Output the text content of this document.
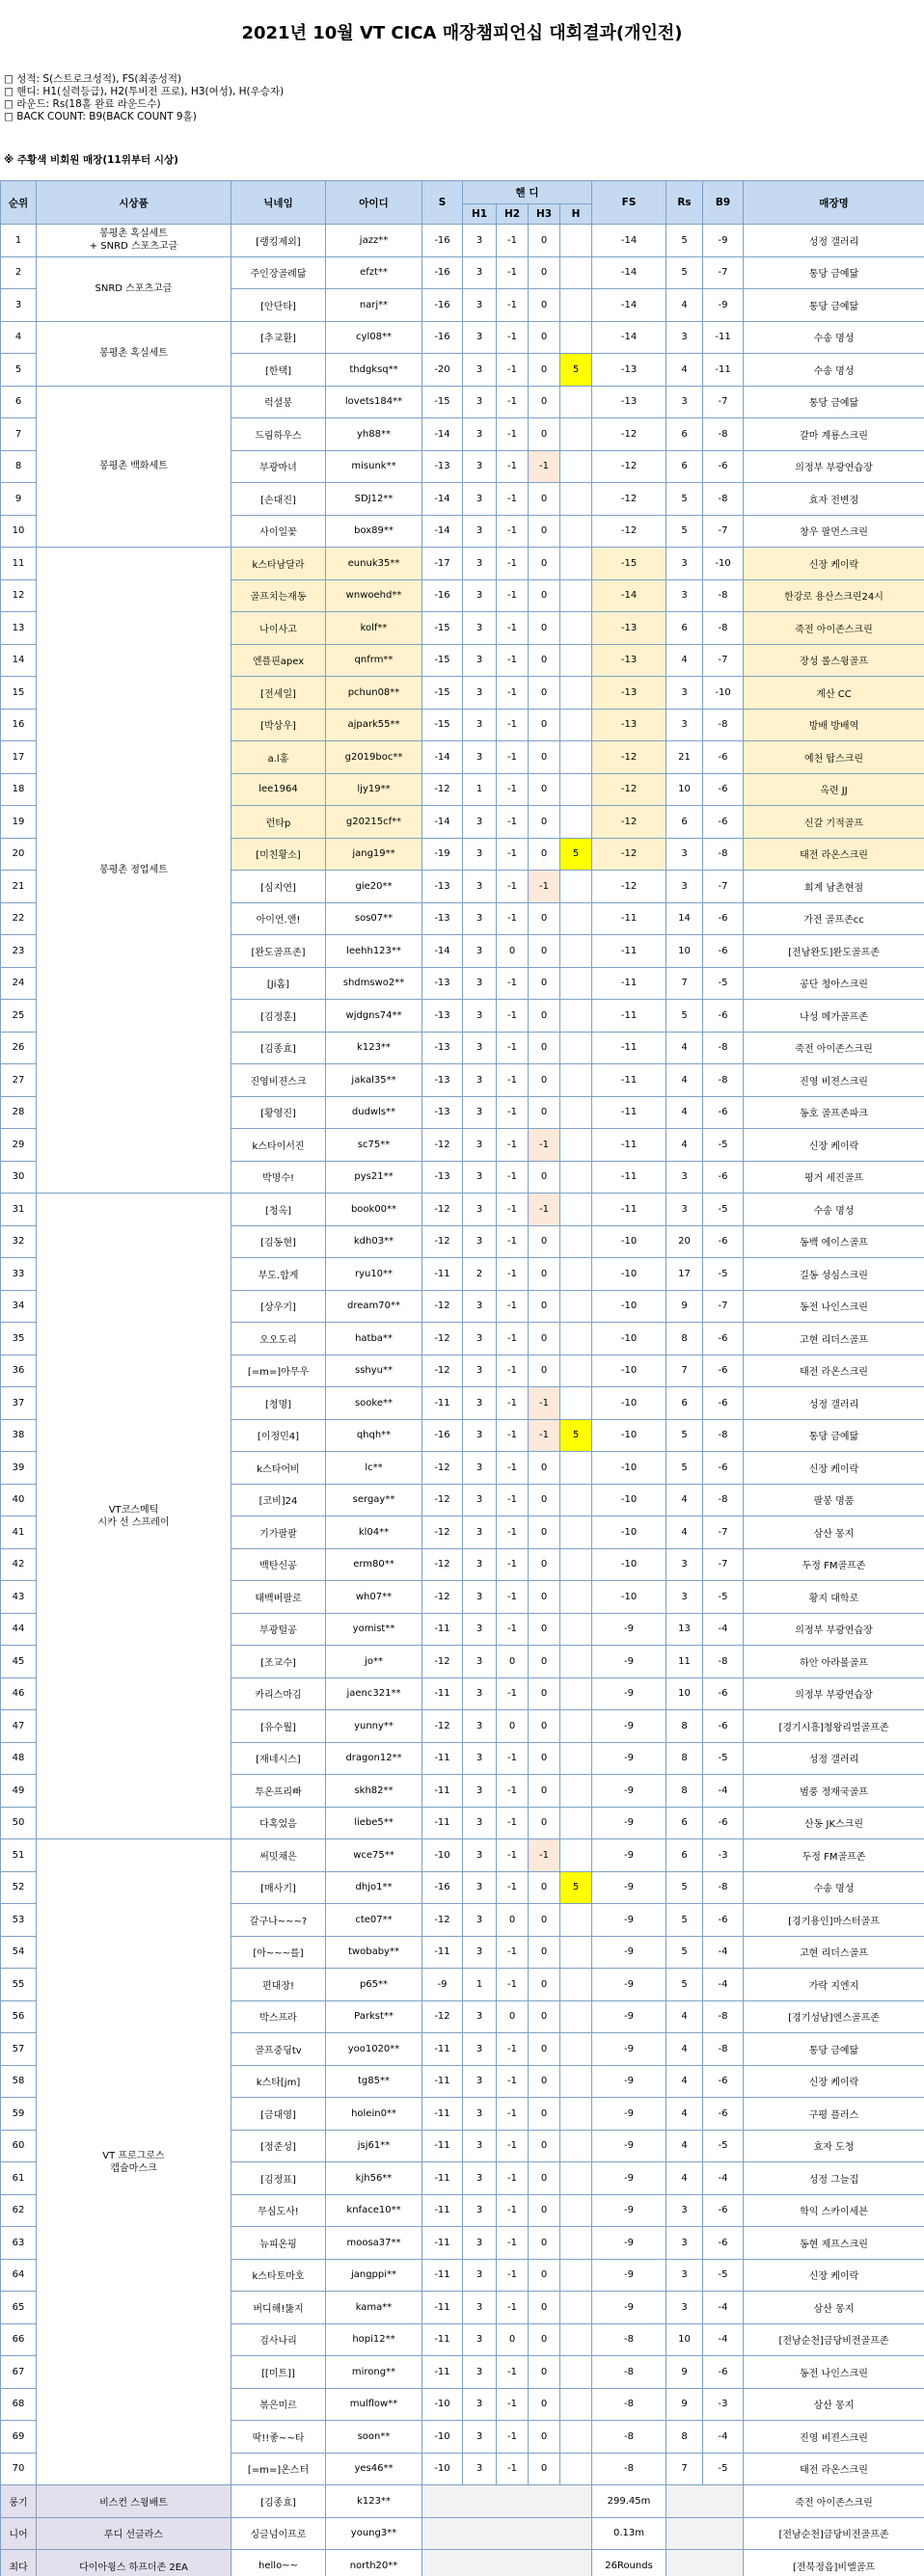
2021년 10월 VT CICA 매장챔피언십 대회결과(개인전)
□ 성적: S(스트로크성적), FS(최종성적)
□ 핸디: H1(실력등급), H2(투비전 프로), H3(여성), H(우승자)
□ 라운드: Rs(18홀 완료 라운드수)
□ BACK COUNT: B9(BACK COUNT 9홀)
※ 주황색 비회원 매장(11위부터 시상)
순위	시상품	닉네임	아이디	S	핸 디				FS	Rs	B9	매장명
					H1	H2	H3	H				
1	봉평촌 혹실세트
+ SNRD 스포츠고글	[랭킹제외]	jazz**	-16	3	-1	0		-14	5	-9	성정 갤러리
2	SNRD 스포츠고글	주인장골례닯	efzt**	-16	3	-1	0		-14	5	-7	통당 금예닯
3		[안단타]	narj**	-16	3	-1	0		-14	4	-9	통당 금예닯
4	봉평촌 혹실세트	[추교환]	cyl08**	-16	3	-1	0		-14	3	-11	수송 명성
5		[한택]	thdgksq**	-20	3	-1	0	5	-13	4	-11	수송 명성
6	봉평촌 백화세트	럭셜봉	lovets184**	-15	3	-1	0		-13	3	-7	통당 금예닯
7		드림하우스	yh88**	-14	3	-1	0		-12	6	-8	갈마 계룡스크린
8		부광마녀	misunk**	-13	3	-1	-1		-12	6	-6	의정부 부광연습장
9		[손대진]	SDJ12**	-14	3	-1	0		-12	5	-8	효자 전변점
10		사이일꽃	box89**	-14	3	-1	0		-12	5	-7	창우 팔먼스크린
11	봉평촌 정업세트	k스타남달라	eunuk35**	-17	3	-1	0		-15	3	-10	신장 케이락
12		골프치는재동	wnwoehd**	-16	3	-1	0		-14	3	-8	한강로 용산스크린24시
13		나이사고	kolf**	-15	3	-1	0		-13	6	-8	죽전 아이존스크린
14		엔플핀apex	qnfrm**	-15	3	-1	0		-13	4	-7	장성 롤스윙골프
15		[전세일]	pchun08**	-15	3	-1	0		-13	3	-10	계산 CC
16		[박상우]	ajpark55**	-15	3	-1	0		-13	3	-8	방배 방배역
17		a.l홍	g2019boc**	-14	3	-1	0		-12	21	-6	예천 탑스크린
18		lee1964	ljy19**	-12	1	-1	0		-12	10	-6	옥련 JJ
19		런타p	g20215cf**	-14	3	-1	0		-12	6	-6	신갈 기적골프
20		[미친황소]	jang19**	-19	3	-1	0	5	-12	3	-8	태전 라온스크린
21		[심지연]	gie20**	-13	3	-1	-1		-12	3	-7	회계 남촌현점
22		아이언.앤!	sos07**	-13	3	-1	0		-11	14	-6	가전 골프존cc
23		[완도골프존]	leehh123**	-14	3	0	0		-11	10	-6	[전남완도]완도골프존
24		[Ji홈]	shdmswo2**	-13	3	-1	0		-11	7	-5	공단 청아스크린
25		[김정훈]	wjdgns74**	-13	3	-1	0		-11	5	-6	나성 메가골프존
26		[김종효]	k123**	-13	3	-1	0		-11	4	-8	죽전 아이존스크린
27		진영비젼스크	jakal35**	-13	3	-1	0		-11	4	-8	진영 비젼스크린
28		[황영진]	dudwls**	-13	3	-1	0		-11	4	-6	동호 골프존파크
29		k스타이서진	sc75**	-12	3	-1	-1		-11	4	-5	신장 케이락
30		박명수!	pys21**	-13	3	-1	0		-11	3	-6	평거 세진골프
31	VT코스메틱
시카 선 스프레이	[청옥]	book00**	-12	3	-1	-1		-11	3	-5	수송 명성
32		[김동현]	kdh03**	-12	3	-1	0		-10	20	-6	동백 에이스골프
33		부도.합게	ryu10**	-11	2	-1	0		-10	17	-5	길동 성심스크린
34		[상우기]	dream70**	-12	3	-1	0		-10	9	-7	동전 나인스크린
35		오오도리	hatba**	-12	3	-1	0		-10	8	-6	고현 리더스골프
36		[=m=]아무우	sshyu**	-12	3	-1	0		-10	7	-6	태전 라온스크린
37		[청명]	sooke**	-11	3	-1	-1		-10	6	-6	성정 갤러리
38		[이정민4]	qhqh**	-16	3	-1	-1	5	-10	5	-8	통당 금예닯
39		k스타어비	lc**	-12	3	-1	0		-10	5	-6	신장 케이락
40		[코비]24	sergay**	-12	3	-1	0		-10	4	-8	팔봉 명품
41		기가팔팔	kl04**	-12	3	-1	0		-10	4	-7	삼산 몽지
42		백탄신공	erm80**	-12	3	-1	0		-10	3	-7	두정 FM골프존
43		태백버팔로	wh07**	-12	3	-1	0		-10	3	-5	황지 대학로
44		부광털공	yomist**	-11	3	-1	0		-9	13	-4	의정부 부광연습장
45		[조교수]	jo**	-12	3	0	0		-9	11	-8	하안 아라볼골프
46		카리스마김	jaenc321**	-11	3	-1	0		-9	10	-6	의정부 부광연습장
47		[유수월]	yunny**	-12	3	0	0		-9	8	-6	[경기시흥]청왕리얼골프존
48		[재네시스]	dragon12**	-11	3	-1	0		-9	8	-5	성정 갤러리
49		투온프리빠	skh82**	-11	3	-1	0		-9	8	-4	범풍 정재국골프
50		다혹었음	liebe5**	-11	3	-1	0		-9	6	-6	산동 JK스크린
51	VT 프로그로스
캡슐마스크	써밋채은	wce75**	-10	3	-1	-1		-9	6	-3	두정 FM골프존
52		[매사기]	dhjo1**	-16	3	-1	0	5	-9	5	-8	수송 명성
53		갈구나~~~?	cte07**	-12	3	0	0		-9	5	-6	[경기용인]마스터골프
54		[아~~~를]	twobaby**	-11	3	-1	0		-9	5	-4	고현 리더스골프
55		편대장!	p65**	-9	1	-1	0		-9	5	-4	가락 지엔지
56		박스프라	Parkst**	-12	3	0	0		-9	4	-8	[경기성남]엔스골프존
57		골프중딩tv	yoo1020**	-11	3	-1	0		-9	4	-8	통당 금예닯
58		k스타[jm]	tg85**	-11	3	-1	0		-9	4	-6	신장 케이락
59		[금대영]	holein0**	-11	3	-1	0		-9	4	-6	구평 플러스
60		[정준성]	jsj61**	-11	3	-1	0		-9	4	-5	효자 도청
61		[김정표]	kjh56**	-11	3	-1	0		-9	4	-4	성정 그늘집
62		무심도사!	knface10**	-11	3	-1	0		-9	3	-6	학익 스카이세븐
63		뉴피온핑	moosa37**	-11	3	-1	0		-9	3	-6	동현 제프스크린
64		k스타토마호	jangppi**	-11	3	-1	0		-9	3	-5	신장 케이락
65		버디해!뚫지	kama**	-11	3	-1	0		-9	3	-4	삼산 몽지
66		검사나리	hopi12**	-11	3	0	0		-8	10	-4	[전남순천]금당비전골프존
67		[[미트]]	mirong**	-11	3	-1	0		-8	9	-6	동전 나인스크린
68		볶은미르	mulflow**	-10	3	-1	0		-8	9	-3	삼산 몽지
69		딱!!좋~~타	soon**	-10	3	-1	0		-8	8	-4	진영 비젼스크린
70		[=m=]온스터	yes46**	-10	3	-1	0		-8	7	-5	태전 라온스크린
롱기	비스컨 스윙배트	[김종효]	k123**						299.45m			죽전 아이존스크린
니어	루디 선글라스	싱글넘이프로	young3**						0.13m			[전남순천]금당비전골프존
최다	다이아윙스 하프더존 2EA	hello~~	north20**						26Rounds			[전북정읍]비엘골프
